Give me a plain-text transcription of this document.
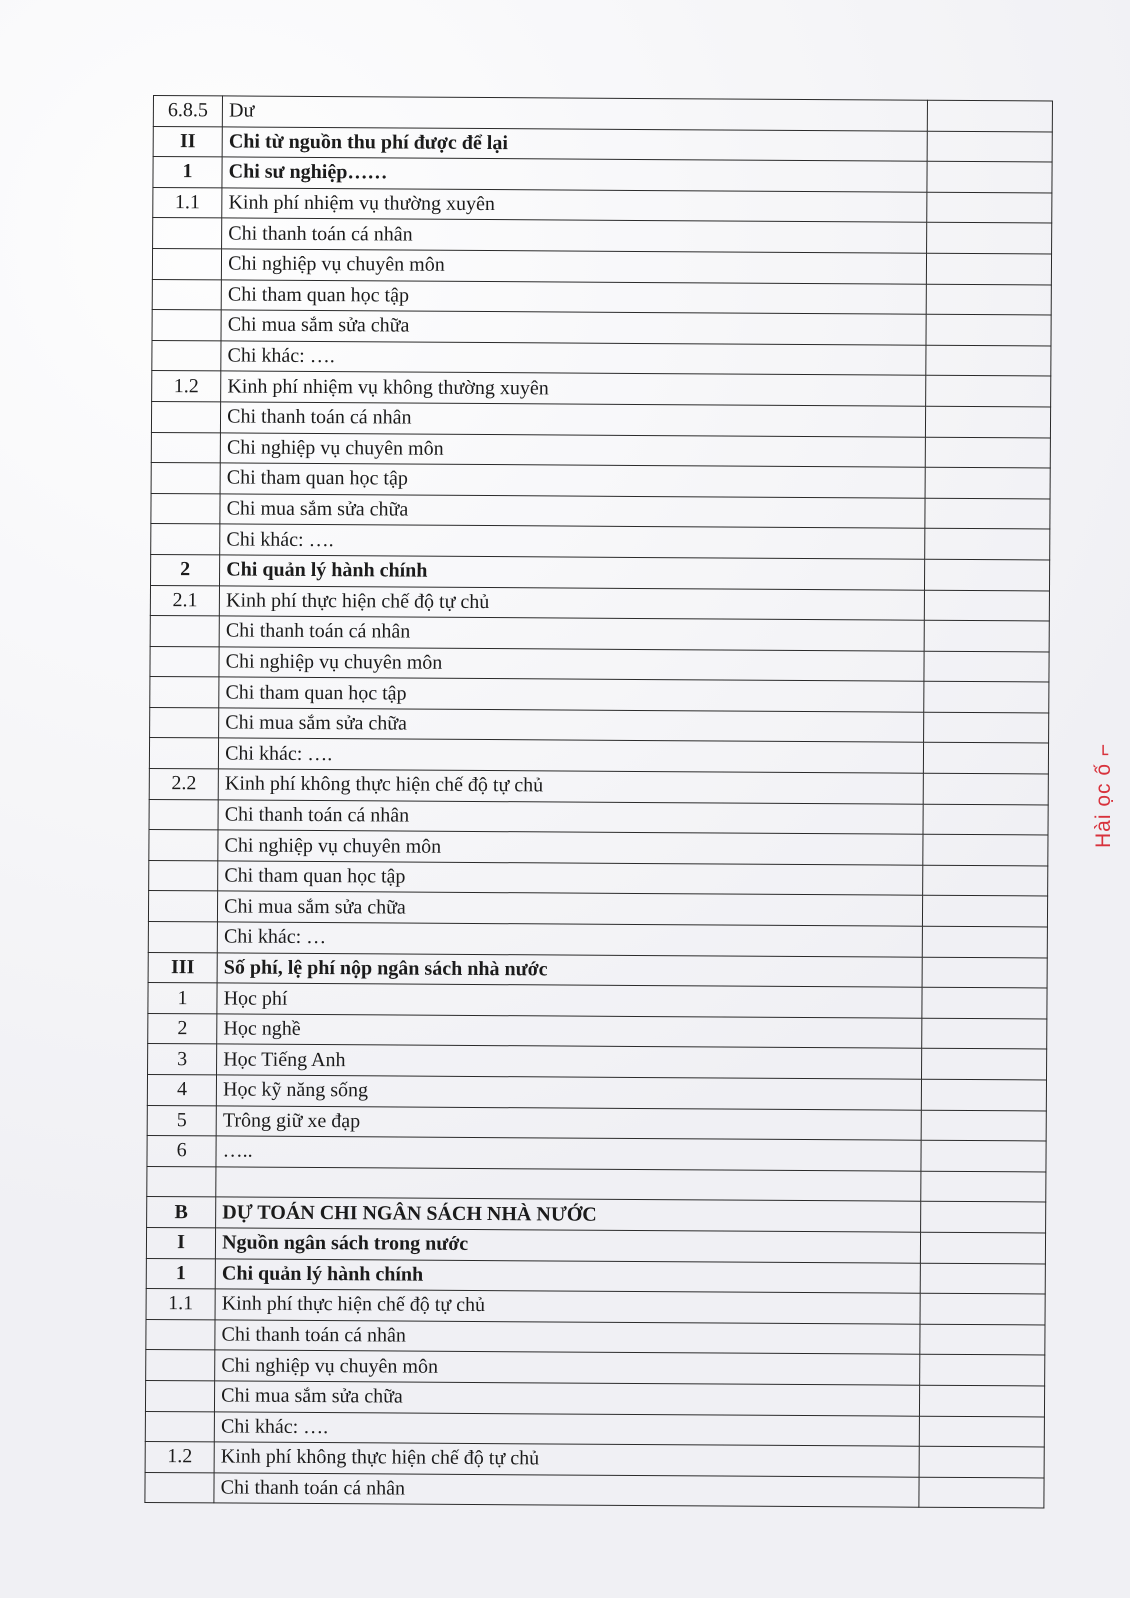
6.8.5	Dư	
II	Chi từ nguồn thu phí được để lại	
1	Chi sư nghiệp……	
1.1	Kinh phí nhiệm vụ thường xuyên	
	Chi thanh toán cá nhân	
	Chi nghiệp vụ chuyên môn	
	Chi tham quan học tập	
	Chi mua sắm sửa chữa	
	Chi khác: ….	
1.2	Kinh phí nhiệm vụ không thường xuyên	
	Chi thanh toán cá nhân	
	Chi nghiệp vụ chuyên môn	
	Chi tham quan học tập	
	Chi mua sắm sửa chữa	
	Chi khác: ….	
2	Chi quản lý hành chính	
2.1	Kinh phí thực hiện chế độ tự chủ	
	Chi thanh toán cá nhân	
	Chi nghiệp vụ chuyên môn	
	Chi tham quan học tập	
	Chi mua sắm sửa chữa	
	Chi khác: ….	
2.2	Kinh phí không thực hiện chế độ tự chủ	
	Chi thanh toán cá nhân	
	Chi nghiệp vụ chuyên môn	
	Chi tham quan học tập	
	Chi mua sắm sửa chữa	
	Chi khác: …	
III	Số phí, lệ phí nộp ngân sách nhà nước	
1	Học phí	
2	Học nghề	
3	Học Tiếng Anh	
4	Học kỹ năng sống	
5	Trông giữ xe đạp	
6	…..	

B	DỰ TOÁN CHI NGÂN SÁCH NHÀ NƯỚC	
I	Nguồn ngân sách trong nước	
1	Chi quản lý hành chính	
1.1	Kinh phí thực hiện chế độ tự chủ	
	Chi thanh toán cá nhân	
	Chi nghiệp vụ chuyên môn	
	Chi mua sắm sửa chữa	
	Chi khác: ….	
1.2	Kinh phí không thực hiện chế độ tự chủ	
	Chi thanh toán cá nhân	
Hài ọc ố ⌐
